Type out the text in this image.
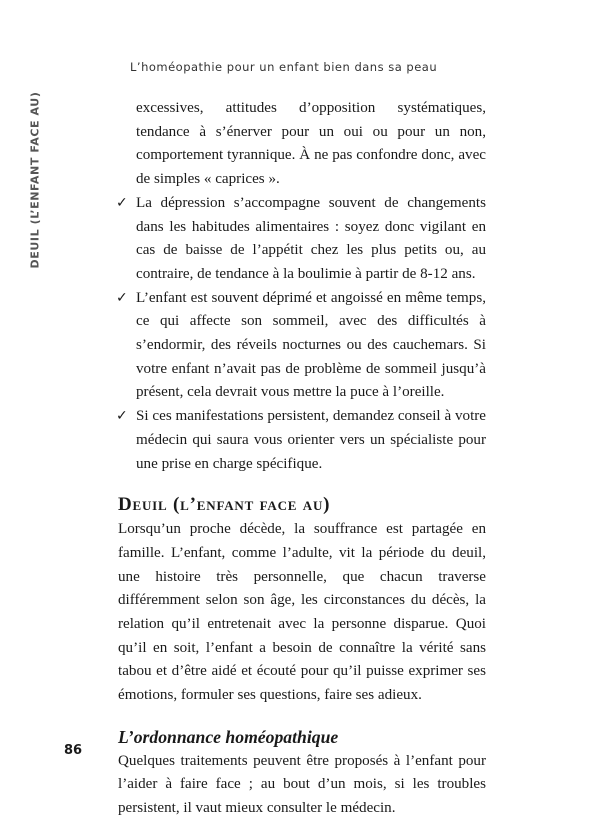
L’homéopathie pour un enfant bien dans sa peau
DEUIL (L’ENFANT FACE AU)	excessives, attitudes d’opposition systématiques, tendance à s’énerver pour un oui ou pour un non, comportement tyrannique. À ne pas confondre donc, avec de simples « caprices ».

✓ La dépression s’accompagne souvent de changements dans les habitudes alimentaires : soyez donc vigilant en cas de baisse de l’appétit chez les plus petits ou, au contraire, de tendance à la boulimie à partir de 8-12 ans.
✓ L’enfant est souvent déprimé et angoissé en même temps, ce qui affecte son sommeil, avec des difficultés à s’endormir, des réveils nocturnes ou des cauchemars. Si votre enfant n’avait pas de problème de sommeil jusqu’à présent, cela devrait vous mettre la puce à l’oreille.
✓ Si ces manifestations persistent, demandez conseil à votre médecin qui saura vous orienter vers un spécialiste pour une prise en charge spécifique.
Deuil (l’enfant face au)

Lorsqu’un proche décède, la souffrance est partagée en famille. L’enfant, comme l’adulte, vit la période du deuil, une histoire très personnelle, que chacun traverse différemment selon son âge, les circonstances du décès, la relation qu’il entretenait avec la personne disparue. Quoi qu’il en soit, l’enfant a besoin de connaître la vérité sans tabou et d’être aidé et écouté pour qu’il puisse exprimer ses émotions, formuler ses questions, faire ses adieux.

L’ordonnance homéopathique

Quelques traitements peuvent être proposés à l’enfant pour l’aider à faire face ; au bout d’un mois, si les troubles persistent, il vaut mieux consulter le médecin.

86
